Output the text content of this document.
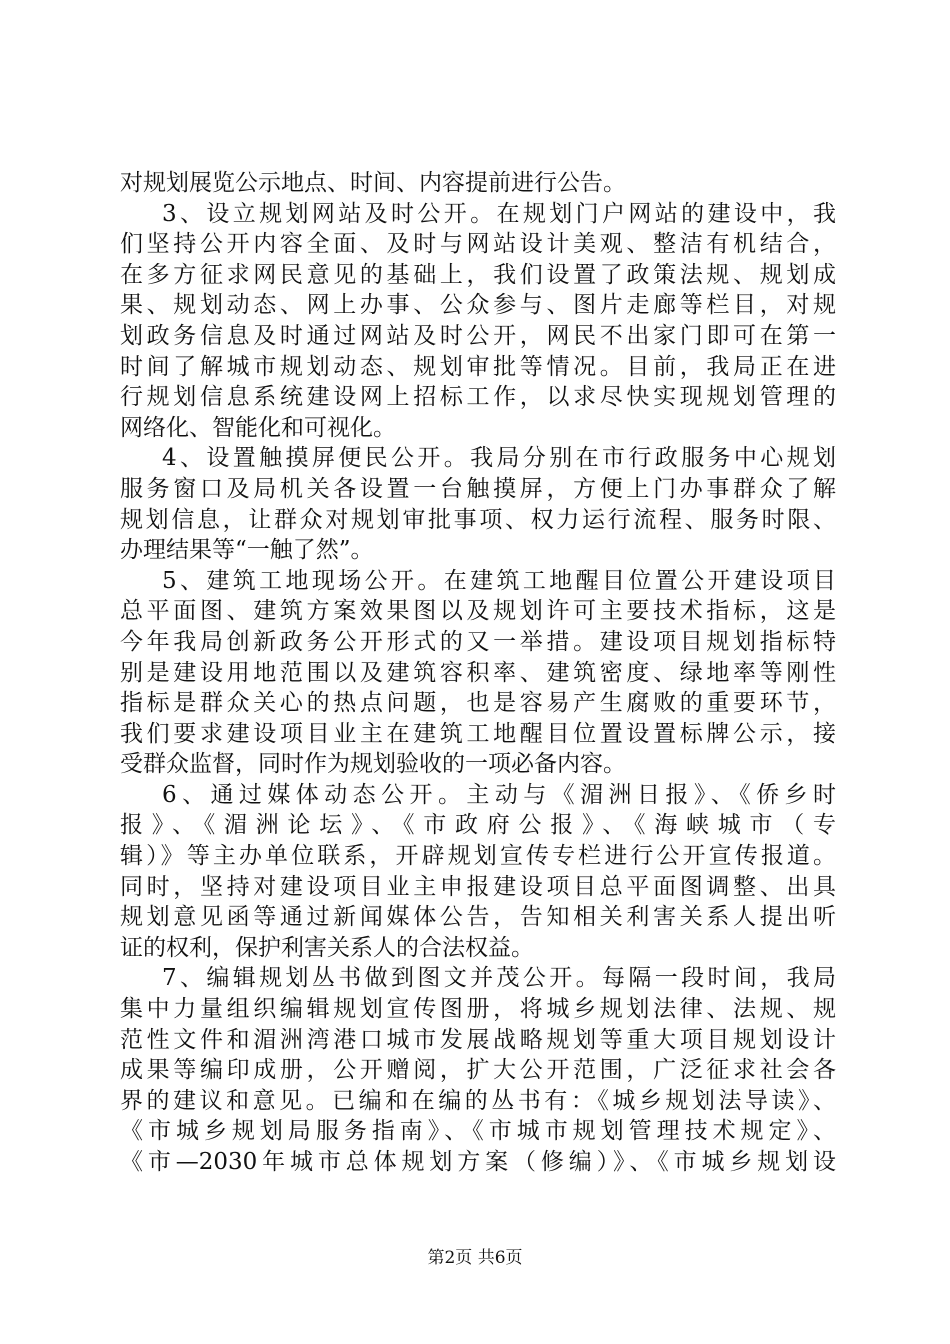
对规划展览公示地点、时间、内容提前进行公告。
3、设立规划网站及时公开。在规划门户网站的建设中，我
们坚持公开内容全面、及时与网站设计美观、整洁有机结合，
在多方征求网民意见的基础上，我们设置了政策法规、规划成
果、规划动态、网上办事、公众参与、图片走廊等栏目，对规
划政务信息及时通过网站及时公开，网民不出家门即可在第一
时间了解城市规划动态、规划审批等情况。目前，我局正在进
行规划信息系统建设网上招标工作，以求尽快实现规划管理的
网络化、智能化和可视化。
4、设置触摸屏便民公开。我局分别在市行政服务中心规划
服务窗口及局机关各设置一台触摸屏，方便上门办事群众了解
规划信息，让群众对规划审批事项、权力运行流程、服务时限、
办理结果等“一触了然”。
5、建筑工地现场公开。在建筑工地醒目位置公开建设项目
总平面图、建筑方案效果图以及规划许可主要技术指标，这是
今年我局创新政务公开形式的又一举措。建设项目规划指标特
别是建设用地范围以及建筑容积率、建筑密度、绿地率等刚性
指标是群众关心的热点问题，也是容易产生腐败的重要环节，
我们要求建设项目业主在建筑工地醒目位置设置标牌公示，接
受群众监督，同时作为规划验收的一项必备内容。
6、通过媒体动态公开。主动与《湄洲日报》、《侨乡时
报》、《湄洲论坛》、《市政府公报》、《海峡城市（专
辑）》等主办单位联系，开辟规划宣传专栏进行公开宣传报道。
同时，坚持对建设项目业主申报建设项目总平面图调整、出具
规划意见函等通过新闻媒体公告，告知相关利害关系人提出听
证的权利，保护利害关系人的合法权益。
7、编辑规划丛书做到图文并茂公开。每隔一段时间，我局
集中力量组织编辑规划宣传图册，将城乡规划法律、法规、规
范性文件和湄洲湾港口城市发展战略规划等重大项目规划设计
成果等编印成册，公开赠阅，扩大公开范围，广泛征求社会各
界的建议和意见。已编和在编的丛书有：《城乡规划法导读》、
《市城乡规划局服务指南》、《市城市规划管理技术规定》、
《市—2030年城市总体规划方案（修编）》、《市城乡规划设
第2页 共6页
